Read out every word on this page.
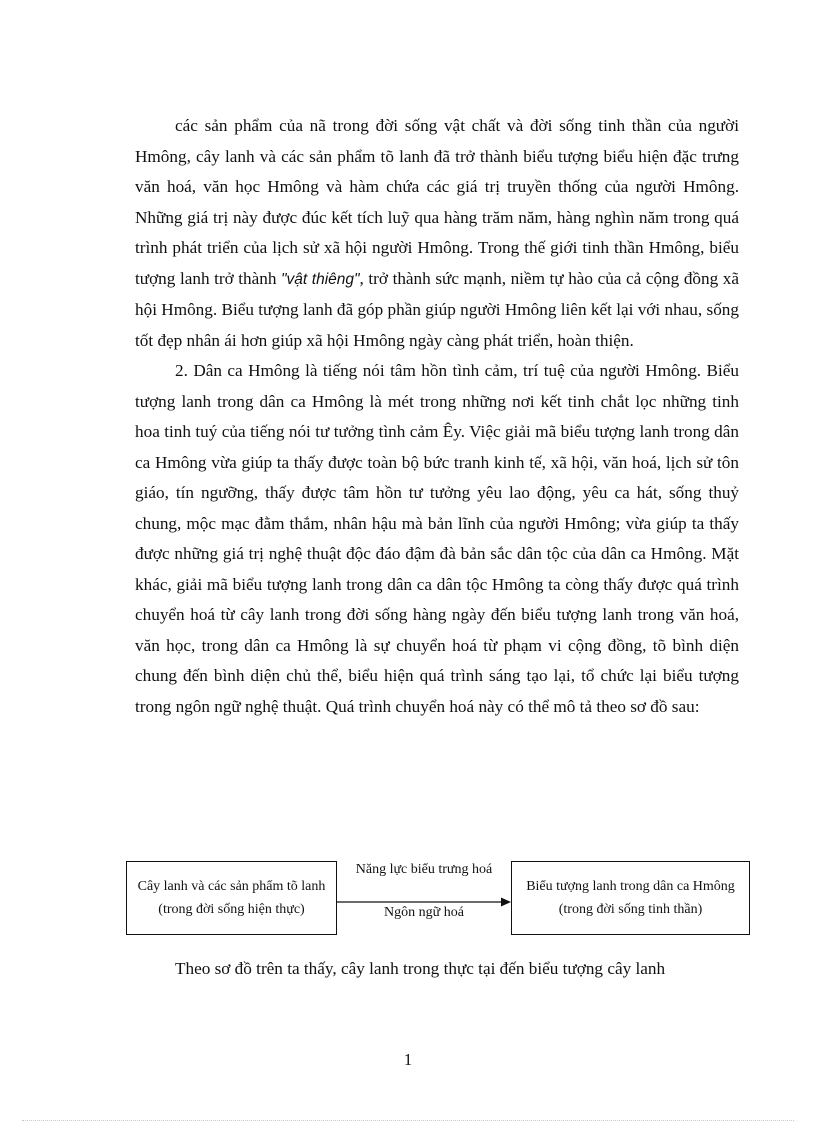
các sản phẩm của nã trong đời sống vật chất và đời sống tinh thần của người Hmông, cây lanh và các sản phẩm tõ lanh đã trở thành biểu tượng biểu hiện đặc trưng văn hoá, văn học Hmông và hàm chứa các giá trị truyền thống của người Hmông. Những giá trị này được đúc kết tích luỹ qua hàng trăm năm, hàng nghìn năm trong quá trình phát triển của lịch sử xã hội người Hmông. Trong thế giới tinh thần Hmông, biểu tượng lanh trở thành "vật thiêng", trở thành sức mạnh, niềm tự hào của cả cộng đồng xã hội Hmông. Biểu tượng lanh đã góp phần giúp người Hmông liên kết lại với nhau, sống tốt đẹp nhân ái hơn giúp xã hội Hmông ngày càng phát triển, hoàn thiện.

2. Dân ca Hmông là tiếng nói tâm hồn tình cảm, trí tuệ của người Hmông. Biểu tượng lanh trong dân ca Hmông là mét trong những nơi kết tinh chắt lọc những tinh hoa tinh tuý của tiếng nói tư tưởng tình cảm Êy. Việc giải mã biểu tượng lanh trong dân ca Hmông vừa giúp ta thấy được toàn bộ bức tranh kinh tế, xã hội, văn hoá, lịch sử tôn giáo, tín ngưỡng, thấy được tâm hồn tư tưởng yêu lao động, yêu ca hát, sống thuỷ chung, mộc mạc đằm thắm, nhân hậu mà bản lĩnh của người Hmông; vừa giúp ta thấy được những giá trị nghệ thuật độc đáo đậm đà bản sắc dân tộc của dân ca Hmông. Mặt khác, giải mã biểu tượng lanh trong dân ca dân tộc Hmông ta còng thấy được quá trình chuyển hoá từ cây lanh trong đời sống hàng ngày đến biểu tượng lanh trong văn hoá, văn học, trong dân ca Hmông là sự chuyển hoá từ phạm vi cộng đồng, tõ bình diện chung đến bình diện chủ thể, biểu hiện quá trình sáng tạo lại, tổ chức lại biểu tượng trong ngôn ngữ nghệ thuật. Quá trình chuyển hoá này có thể mô tả theo sơ đồ sau:

Cây lanh và các sản phẩm tõ lanh (trong đời sống hiện thực)
Năng lực biểu trưng hoá
Ngôn ngữ hoá
Biểu tượng lanh trong dân ca Hmông (trong đời sống tinh thần)
Theo sơ đồ trên ta thấy, cây lanh trong thực tại đến biểu tượng cây lanh
1
